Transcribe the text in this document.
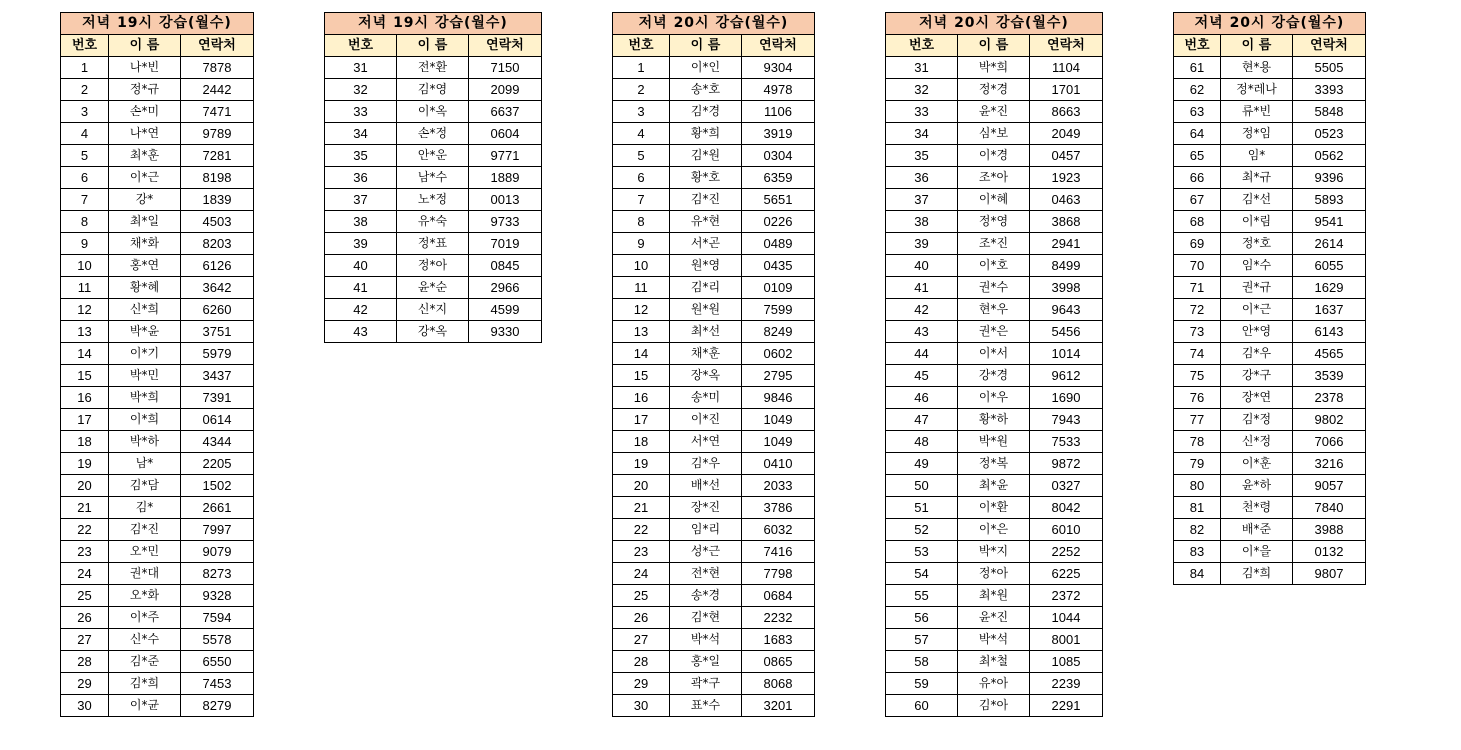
저녁 19시 강습(월수)		
번호	이 름	연락처
1	나*빈	7878
2	정*규	2442
3	손*미	7471
4	나*연	9789
5	최*훈	7281
6	이*근	8198
7	강*	1839
8	최*일	4503
9	채*화	8203
10	홍*연	6126
11	황*혜	3642
12	신*희	6260
13	박*윤	3751
14	이*기	5979
15	박*민	3437
16	박*희	7391
17	이*희	0614
18	박*하	4344
19	남*	2205
20	김*담	1502
21	김*	2661
22	김*진	7997
23	오*민	9079
24	권*대	8273
25	오*화	9328
26	이*주	7594
27	신*수	5578
28	김*준	6550
29	김*희	7453
30	이*균	8279
저녁 19시 강습(월수)		
번호	이 름	연락처
31	전*환	7150
32	김*영	2099
33	이*옥	6637
34	손*정	0604
35	안*운	9771
36	남*수	1889
37	노*정	0013
38	유*숙	9733
39	정*표	7019
40	정*아	0845
41	윤*순	2966
42	신*지	4599
43	강*옥	9330
저녁 20시 강습(월수)		
번호	이 름	연락처
1	이*인	9304
2	송*호	4978
3	김*경	1106
4	황*희	3919
5	김*원	0304
6	황*호	6359
7	김*진	5651
8	유*현	0226
9	서*곤	0489
10	원*영	0435
11	김*리	0109
12	원*원	7599
13	최*선	8249
14	채*훈	0602
15	장*옥	2795
16	송*미	9846
17	이*진	1049
18	서*연	1049
19	김*우	0410
20	배*선	2033
21	장*진	3786
22	임*리	6032
23	성*근	7416
24	전*현	7798
25	송*경	0684
26	김*현	2232
27	박*석	1683
28	홍*일	0865
29	곽*구	8068
30	표*수	3201
저녁 20시 강습(월수)		
번호	이 름	연락처
31	박*희	1104
32	정*경	1701
33	윤*진	8663
34	심*보	2049
35	이*경	0457
36	조*아	1923
37	이*혜	0463
38	정*영	3868
39	조*진	2941
40	이*호	8499
41	권*수	3998
42	현*우	9643
43	권*은	5456
44	이*서	1014
45	강*경	9612
46	이*우	1690
47	황*하	7943
48	박*원	7533
49	정*복	9872
50	최*윤	0327
51	이*환	8042
52	이*은	6010
53	박*지	2252
54	정*아	6225
55	최*원	2372
56	윤*진	1044
57	박*석	8001
58	최*철	1085
59	유*아	2239
60	김*아	2291
저녁 20시 강습(월수)		
번호	이 름	연락처
61	현*용	5505
62	정*레나	3393
63	류*빈	5848
64	정*임	0523
65	임*	0562
66	최*규	9396
67	김*선	5893
68	이*림	9541
69	정*호	2614
70	임*수	6055
71	권*규	1629
72	이*근	1637
73	안*영	6143
74	김*우	4565
75	강*구	3539
76	장*연	2378
77	김*정	9802
78	신*정	7066
79	이*훈	3216
80	윤*하	9057
81	천*령	7840
82	배*준	3988
83	이*을	0132
84	김*희	9807
